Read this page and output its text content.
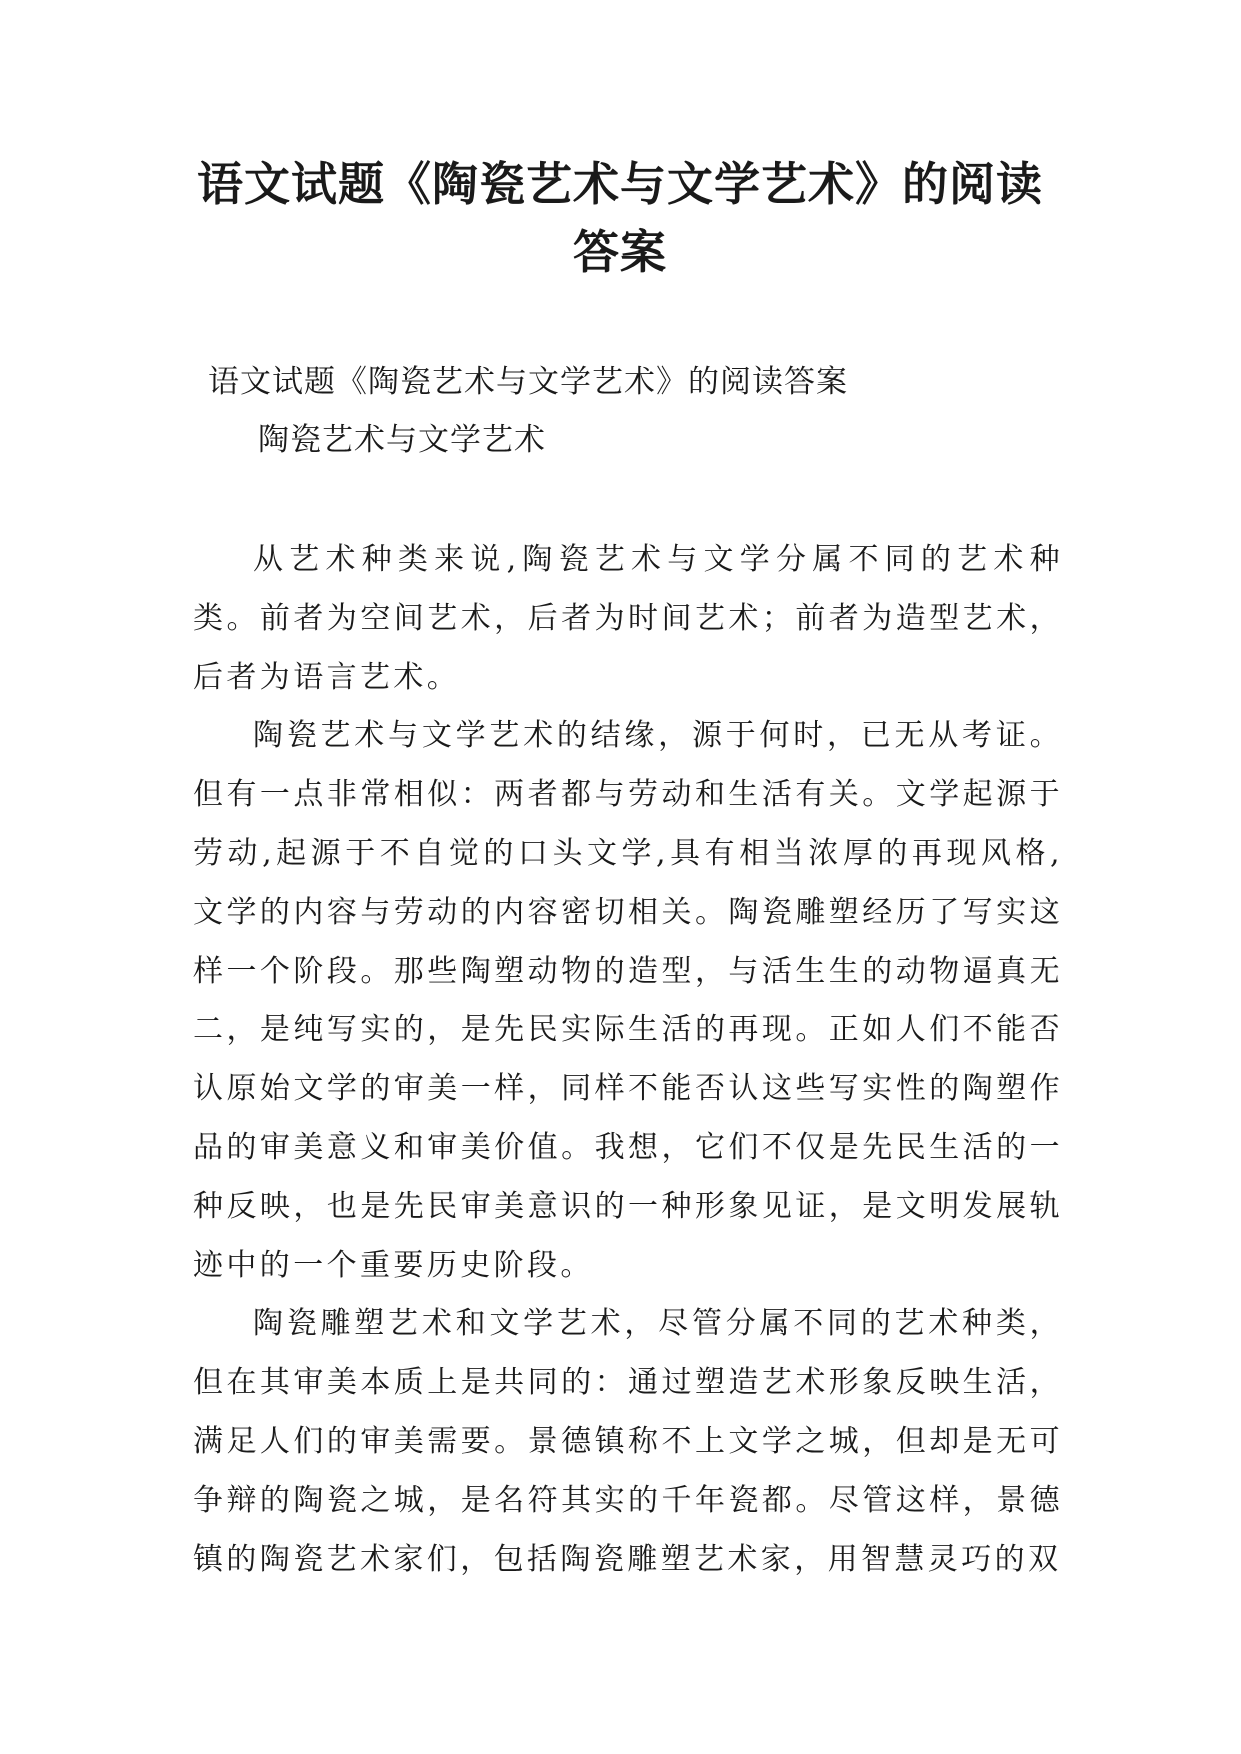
语文试题《陶瓷艺术与文学艺术》的阅读答案
语文试题《陶瓷艺术与文学艺术》的阅读答案
陶瓷艺术与文学艺术

从艺术种类来说,陶瓷艺术与文学分属不同的艺术种类。前者为空间艺术，后者为时间艺术；前者为造型艺术，后者为语言艺术。

陶瓷艺术与文学艺术的结缘，源于何时，已无从考证。但有一点非常相似：两者都与劳动和生活有关。文学起源于劳动,起源于不自觉的口头文学,具有相当浓厚的再现风格,文学的内容与劳动的内容密切相关。陶瓷雕塑经历了写实这样一个阶段。那些陶塑动物的造型，与活生生的动物逼真无二，是纯写实的，是先民实际生活的再现。正如人们不能否认原始文学的审美一样，同样不能否认这些写实性的陶塑作品的审美意义和审美价值。我想，它们不仅是先民生活的一种反映，也是先民审美意识的一种形象见证，是文明发展轨迹中的一个重要历史阶段。

陶瓷雕塑艺术和文学艺术，尽管分属不同的艺术种类，但在其审美本质上是共同的：通过塑造艺术形象反映生活，满足人们的审美需要。景德镇称不上文学之城，但却是无可争辩的陶瓷之城，是名符其实的千年瓷都。尽管这样，景德镇的陶瓷艺术家们，包括陶瓷雕塑艺术家，用智慧灵巧的双
